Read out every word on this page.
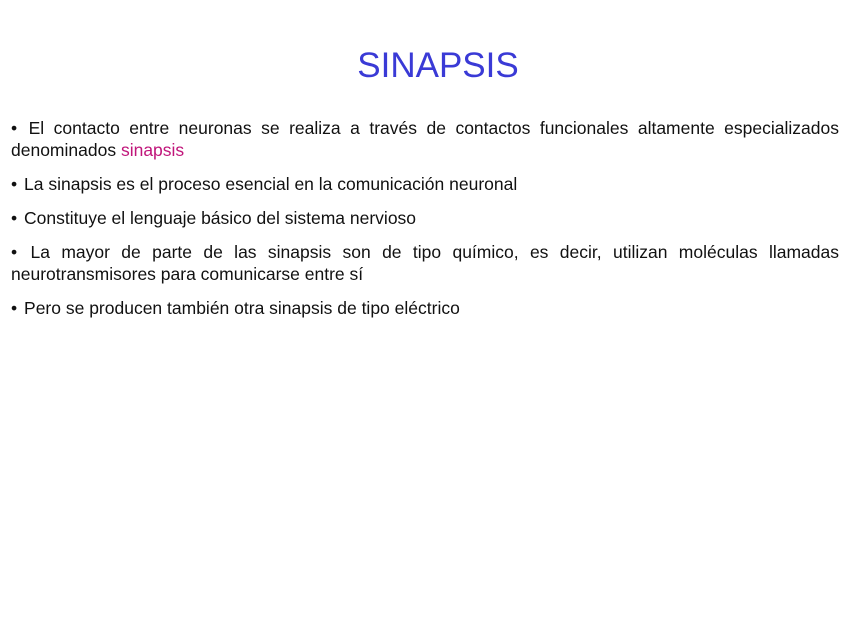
SINAPSIS
• El contacto entre neuronas se realiza a través de contactos funcionales altamente especializados denominados sinapsis
• La sinapsis es el proceso esencial en la comunicación neuronal
• Constituye el lenguaje básico del sistema nervioso
• La mayor de parte de las sinapsis son de tipo químico, es decir, utilizan moléculas llamadas neurotransmisores para comunicarse entre sí
• Pero se producen también otra sinapsis de tipo eléctrico
